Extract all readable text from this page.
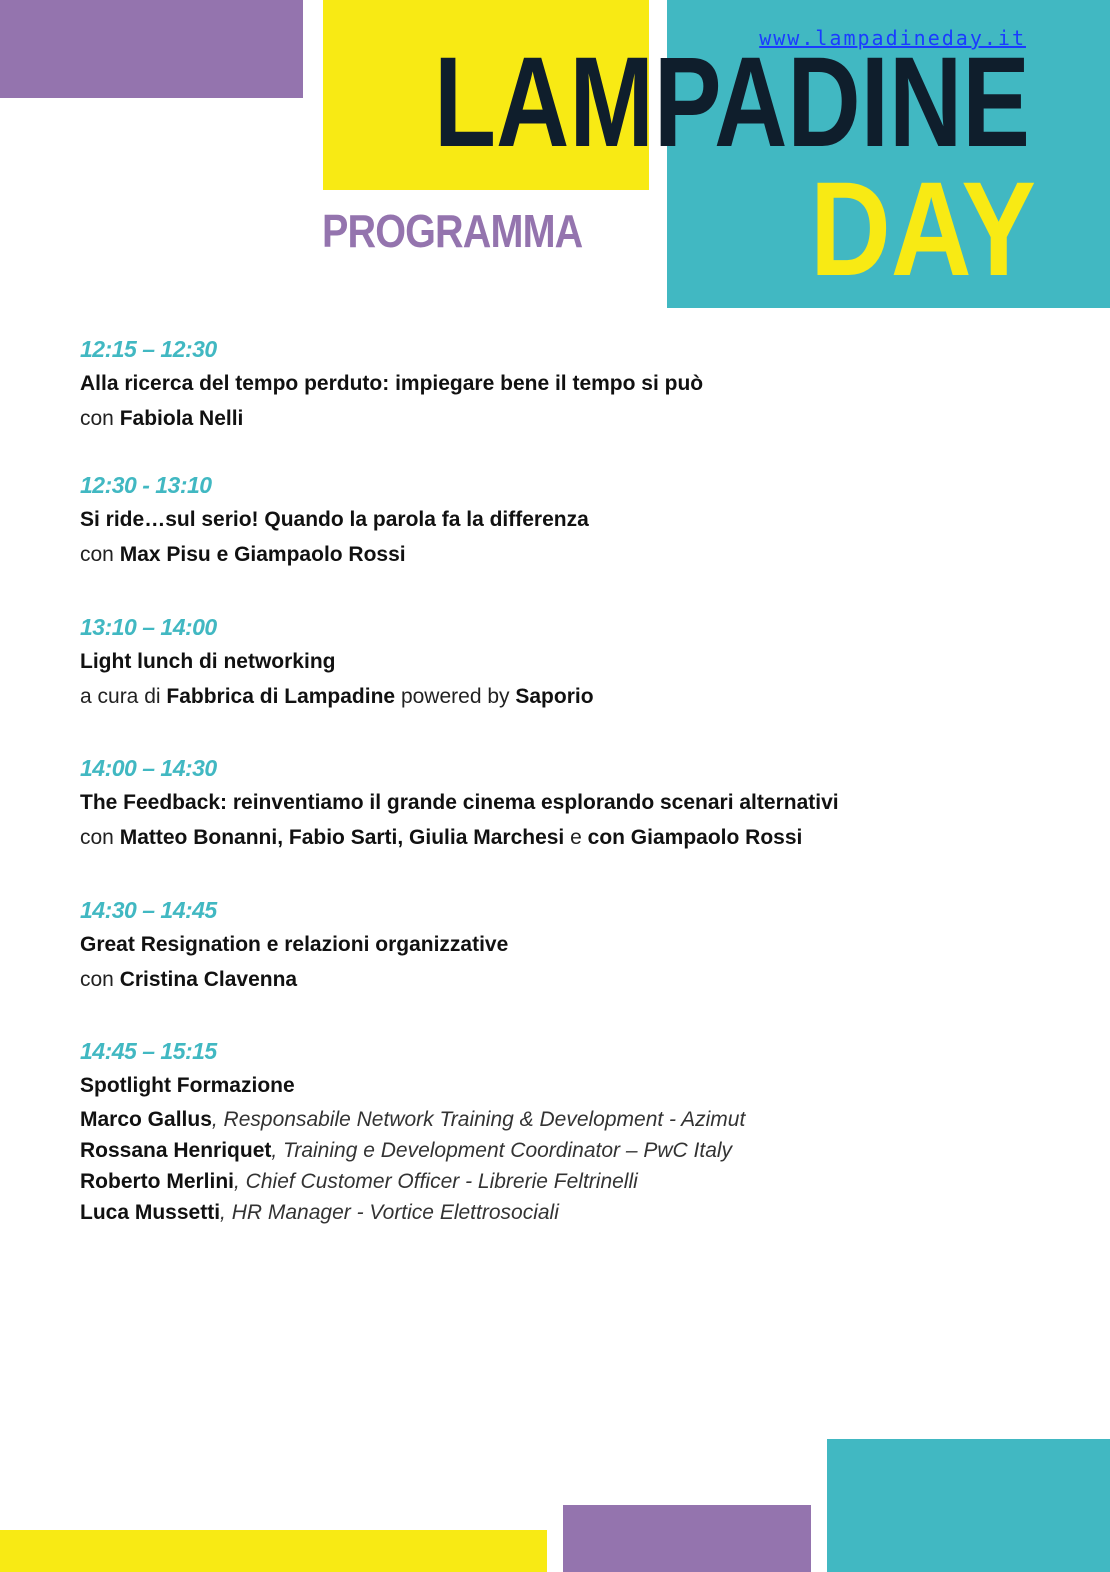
www.lampadineday.it
LAMPADINE
DAY
PROGRAMMA
12:15 – 12:30
Alla ricerca del tempo perduto: impiegare bene il tempo si può
con Fabiola Nelli
12:30 - 13:10
Si ride…sul serio! Quando la parola fa la differenza
con Max Pisu e Giampaolo Rossi
13:10 – 14:00
Light lunch di networking
a cura di Fabbrica di Lampadine powered by Saporio
14:00 – 14:30
The Feedback: reinventiamo il grande cinema esplorando scenari alternativi
con Matteo Bonanni, Fabio Sarti, Giulia Marchesi e con Giampaolo Rossi
14:30 – 14:45
Great Resignation e relazioni organizzative
con Cristina Clavenna
14:45 – 15:15
Spotlight Formazione
Marco Gallus, Responsabile Network Training & Development - Azimut
Rossana Henriquet, Training e Development Coordinator – PwC Italy
Roberto Merlini, Chief Customer Officer - Librerie Feltrinelli
Luca Mussetti, HR Manager - Vortice Elettrosociali
